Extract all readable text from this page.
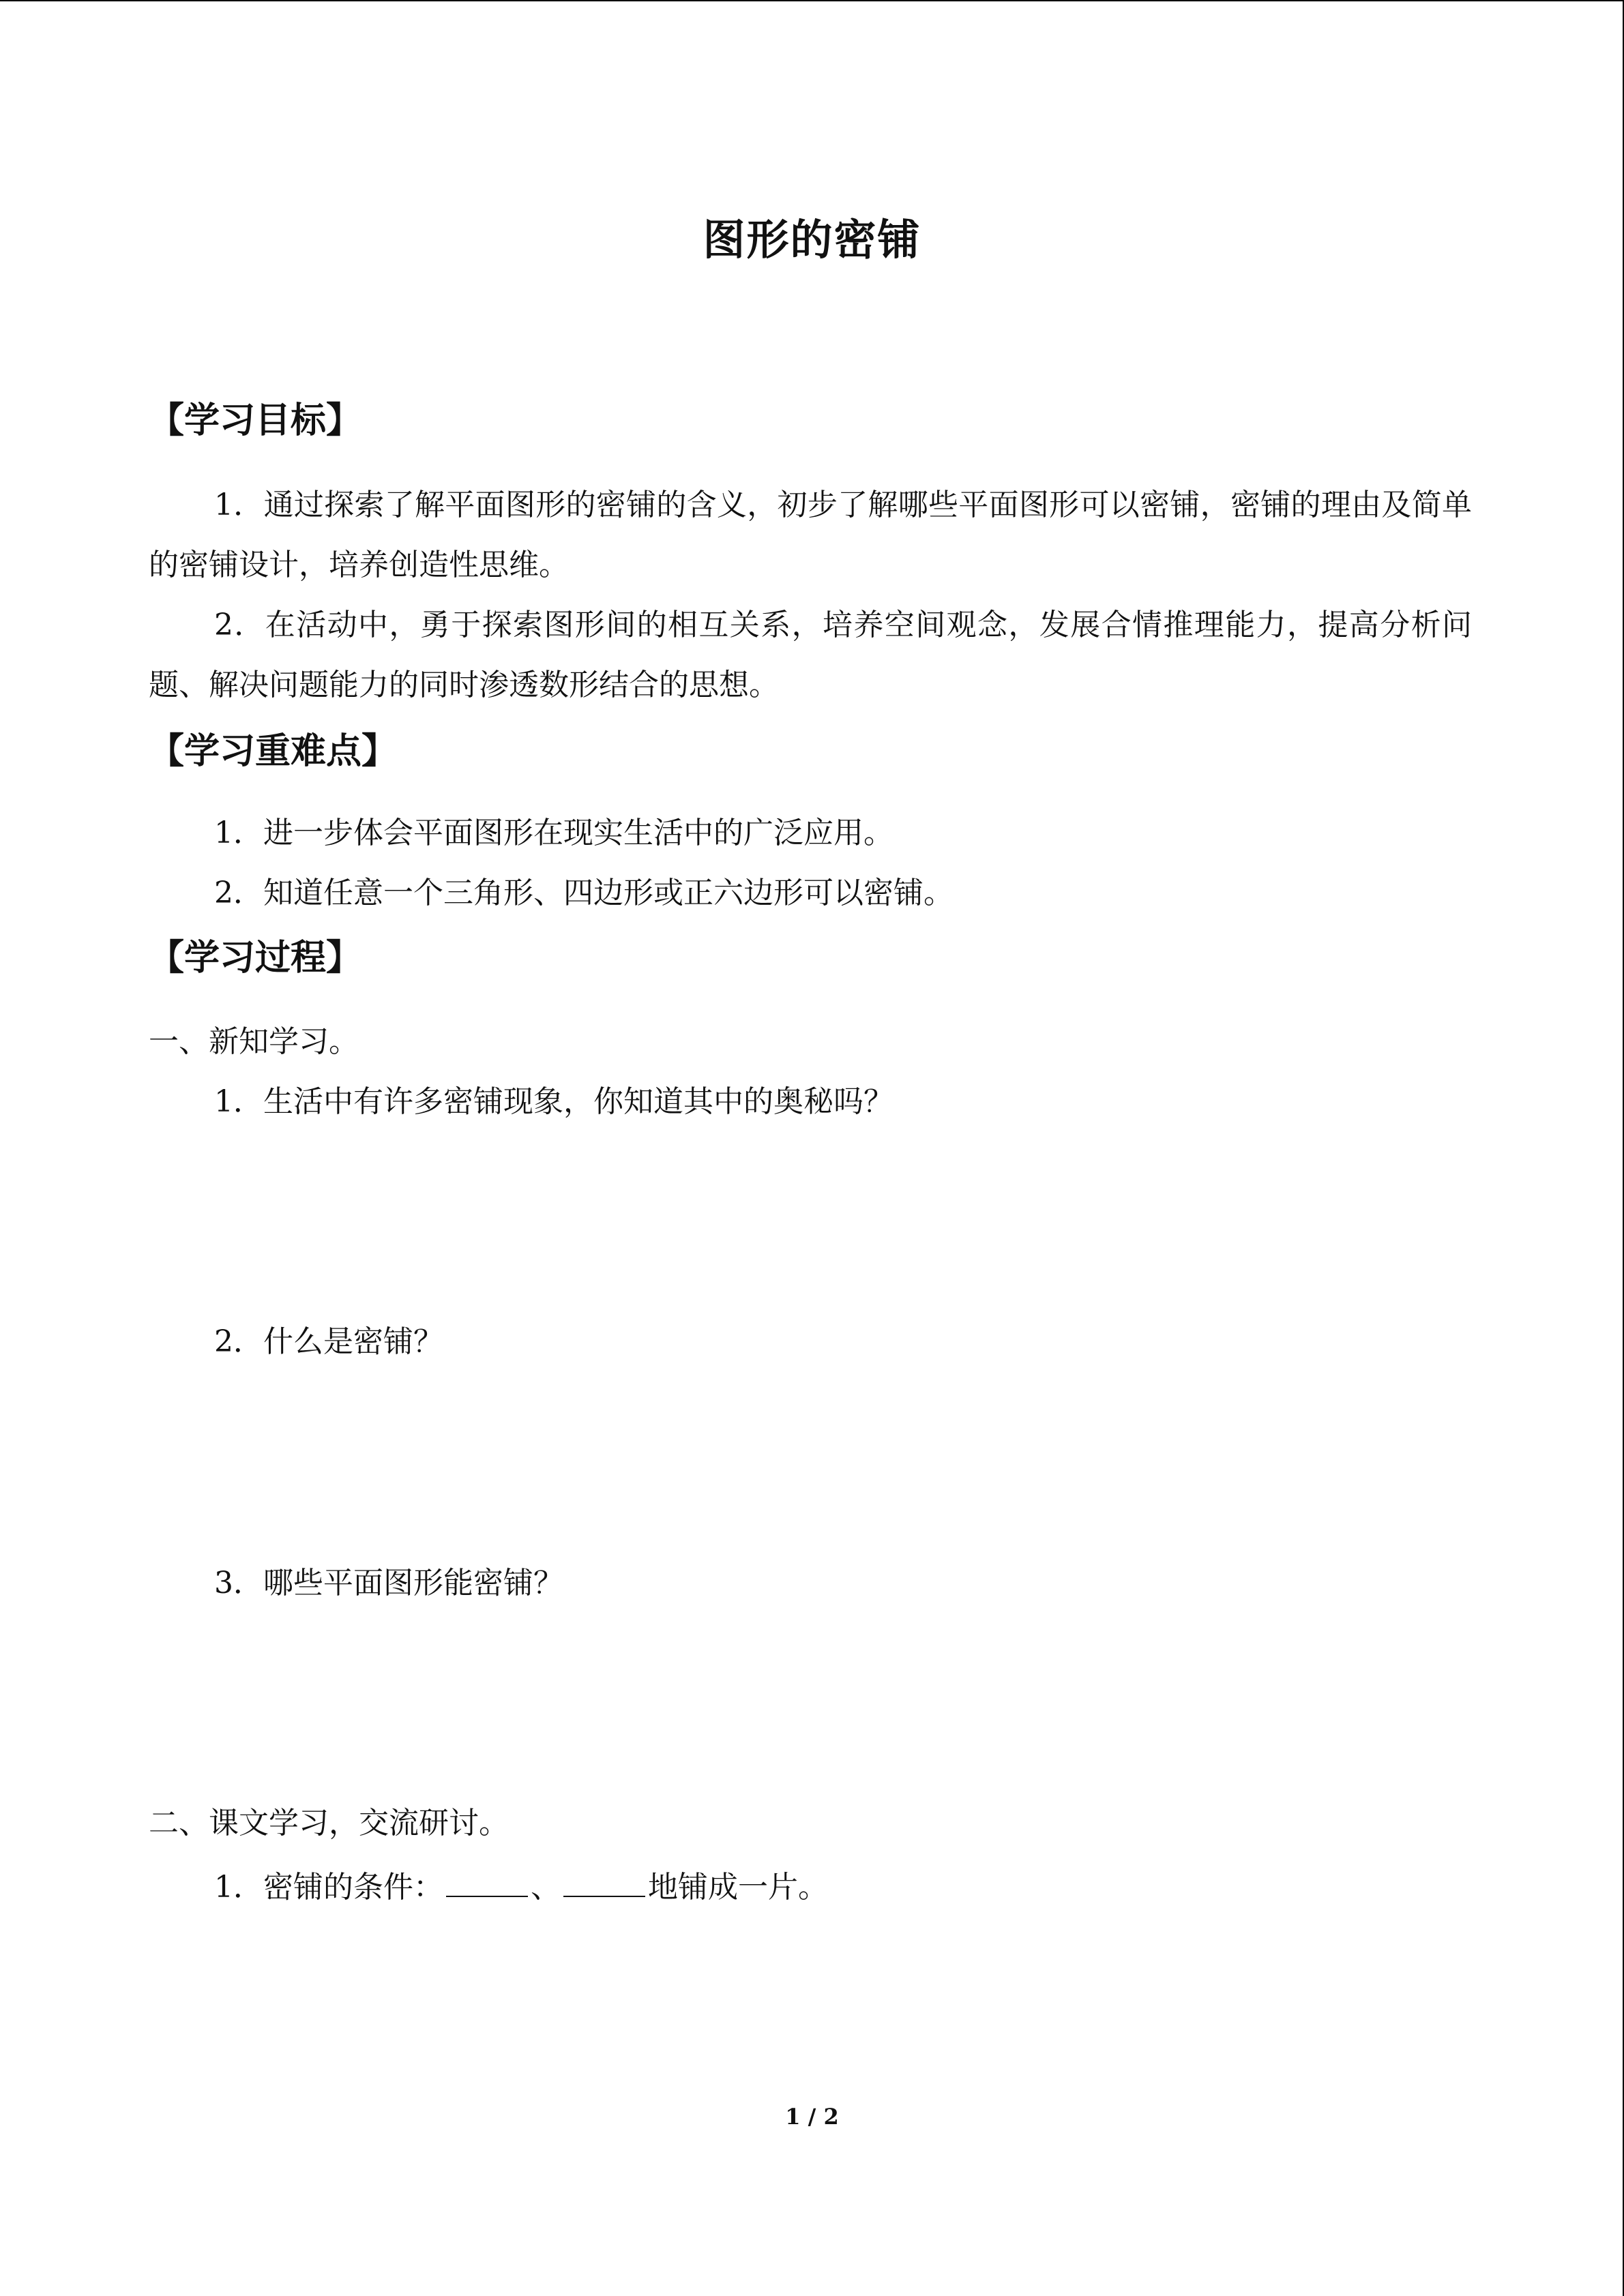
图形的密铺
【学习目标】
1．通过探索了解平面图形的密铺的含义，初步了解哪些平面图形可以密铺，密铺的理由及简单的密铺设计，培养创造性思维。
2．在活动中，勇于探索图形间的相互关系，培养空间观念，发展合情推理能力，提高分析问题、解决问题能力的同时渗透数形结合的思想。
【学习重难点】
1．进一步体会平面图形在现实生活中的广泛应用。
2．知道任意一个三角形、四边形或正六边形可以密铺。
【学习过程】
一、新知学习。
1．生活中有许多密铺现象，你知道其中的奥秘吗？
2．什么是密铺？
3．哪些平面图形能密铺？
二、课文学习，交流研讨。
1．密铺的条件：	、	地铺成一片。
1 / 2
